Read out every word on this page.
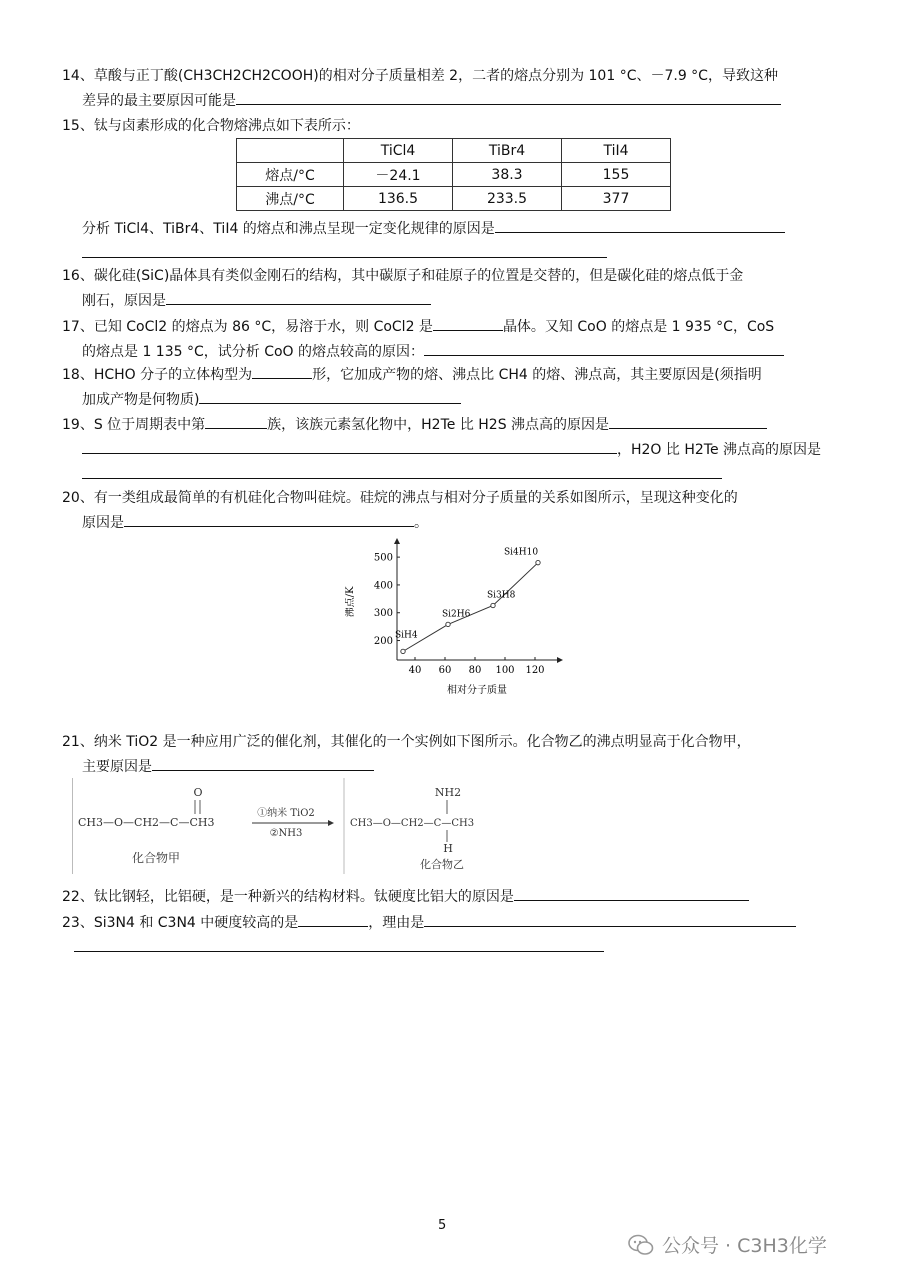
14、草酸与正丁酸(CH3CH2CH2COOH)的相对分子质量相差 2，二者的熔点分别为 101 °C、－7.9 °C，导致这种

差异的最主要原因可能是

15、钛与卤素形成的化合物熔沸点如下表所示：

	TiCl4	TiBr4	TiI4
熔点/°C	－24.1	38.3	155
沸点/°C	136.5	233.5	377

分析 TiCl4、TiBr4、TiI4 的熔点和沸点呈现一定变化规律的原因是

16、碳化硅(SiC)晶体具有类似金刚石的结构，其中碳原子和硅原子的位置是交替的，但是碳化硅的熔点低于金

刚石，原因是

17、已知 CoCl2 的熔点为 86 °C，易溶于水，则 CoCl2 是	晶体。又知 CoO 的熔点是 1 935 °C，CoS

的熔点是 1 135 °C，试分析 CoO 的熔点较高的原因：

18、HCHO 分子的立体构型为	形，它加成产物的熔、沸点比 CH4 的熔、沸点高，其主要原因是(须指明

加成产物是何物质)

19、S 位于周期表中第	族，该族元素氢化物中，H2Te 比 H2S 沸点高的原因是

，H2O 比 H2Te 沸点高的原因是

20、有一类组成最简单的有机硅化合物叫硅烷。硅烷的沸点与相对分子质量的关系如图所示，呈现这种变化的

原因是	。

40 60 80 100 120
200
300
400
500
SiH4
Si2H6
Si3H8
Si4H10
沸点/K
相对分子质量

21、纳米 TiO2 是一种应用广泛的催化剂，其催化的一个实例如下图所示。化合物乙的沸点明显高于化合物甲，

主要原因是

O
CH3—O—CH2—C—CH3
化合物甲
①纳米 TiO2
②NH3
NH2
CH3—O—CH2—C—CH3
H
化合物乙

22、钛比钢轻，比铝硬，是一种新兴的结构材料。钛硬度比铝大的原因是

23、Si3N4 和 C3N4 中硬度较高的是	，理由是

5
公众号 · C3H3化学
